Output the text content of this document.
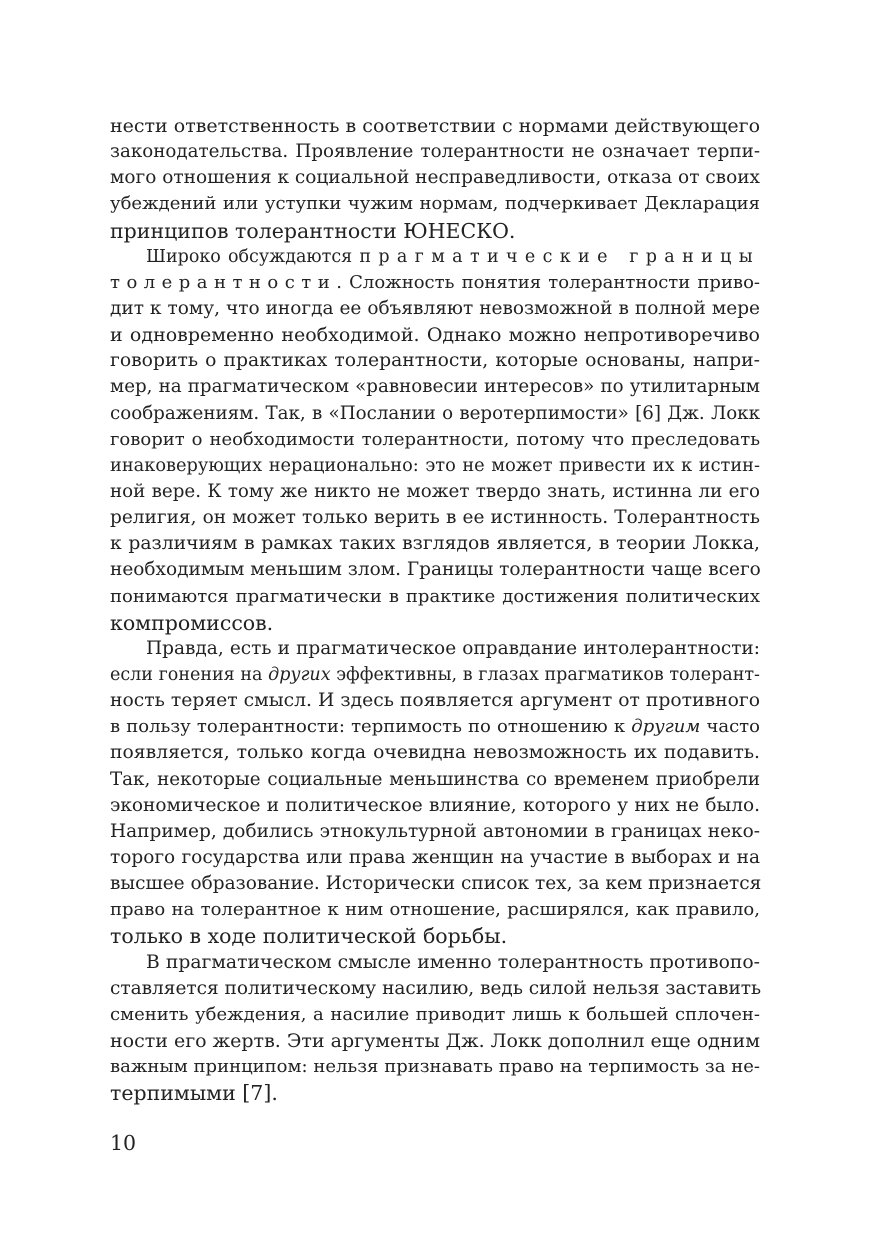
нести ответственность в соответствии с нормами действующего
законодательства. Проявление толерантности не означает терпи-
мого отношения к социальной несправедливости, отказа от своих
убеждений или уступки чужим нормам, подчеркивает Декларация
принципов толерантности ЮНЕСКО.
Широко обсуждаются прагматические границы
толерантности. Сложность понятия толерантности приво-
дит к тому, что иногда ее объявляют невозможной в полной мере
и одновременно необходимой. Однако можно непротиворечиво
говорить о практиках толерантности, которые основаны, напри-
мер, на прагматическом «равновесии интересов» по утилитарным
соображениям. Так, в «Послании о веротерпимости» [6] Дж. Локк
говорит о необходимости толерантности, потому что преследовать
инаковерующих нерационально: это не может привести их к истин-
ной вере. К тому же никто не может твердо знать, истинна ли его
религия, он может только верить в ее истинность. Толерантность
к различиям в рамках таких взглядов является, в теории Локка,
необходимым меньшим злом. Границы толерантности чаще всего
понимаются прагматически в практике достижения политических
компромиссов.
Правда, есть и прагматическое оправдание интолерантности:
если гонения на других эффективны, в глазах прагматиков толерант-
ность теряет смысл. И здесь появляется аргумент от противного
в пользу толерантности: терпимость по отношению к другим часто
появляется, только когда очевидна невозможность их подавить.
Так, некоторые социальные меньшинства со временем приобрели
экономическое и политическое влияние, которого у них не было.
Например, добились этнокультурной автономии в границах неко-
торого государства или права женщин на участие в выборах и на
высшее образование. Исторически список тех, за кем признается
право на толерантное к ним отношение, расширялся, как правило,
только в ходе политической борьбы.
В прагматическом смысле именно толерантность противопо-
ставляется политическому насилию, ведь силой нельзя заставить
сменить убеждения, а насилие приводит лишь к большей сплочен-
ности его жертв. Эти аргументы Дж. Локк дополнил еще одним
важным принципом: нельзя признавать право на терпимость за не-
терпимыми [7].
10
